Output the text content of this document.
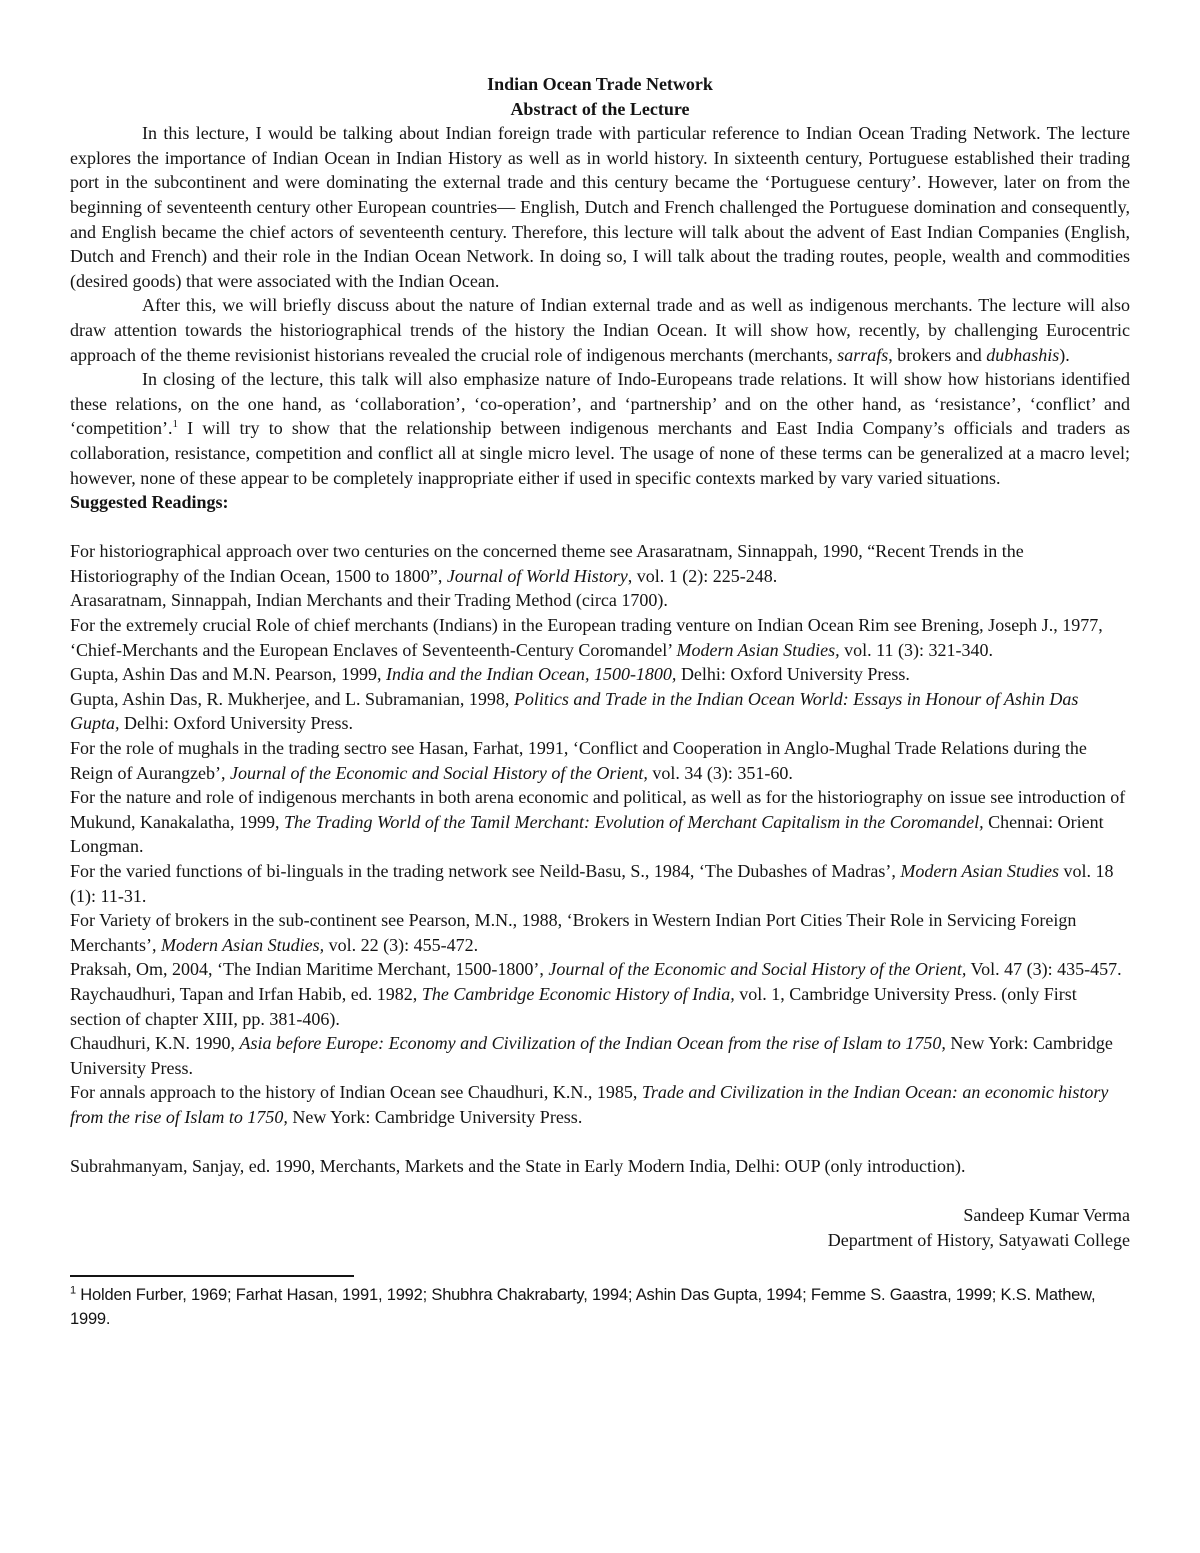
Indian Ocean Trade Network
Abstract of the Lecture

In this lecture, I would be talking about Indian foreign trade with particular reference to Indian Ocean Trading Network. The lecture explores the importance of Indian Ocean in Indian History as well as in world history. In sixteenth century, Portuguese established their trading port in the subcontinent and were dominating the external trade and this century became the ‘Portuguese century’. However, later on from the beginning of seventeenth century other European countries— English, Dutch and French challenged the Portuguese domination and consequently, and English became the chief actors of seventeenth century. Therefore, this lecture will talk about the advent of East Indian Companies (English, Dutch and French) and their role in the Indian Ocean Network. In doing so, I will talk about the trading routes, people, wealth and commodities (desired goods) that were associated with the Indian Ocean.

After this, we will briefly discuss about the nature of Indian external trade and as well as indigenous merchants. The lecture will also draw attention towards the historiographical trends of the history the Indian Ocean. It will show how, recently, by challenging Eurocentric approach of the theme revisionist historians revealed the crucial role of indigenous merchants (merchants, sarrafs, brokers and dubhashis).

In closing of the lecture, this talk will also emphasize nature of Indo-Europeans trade relations. It will show how historians identified these relations, on the one hand, as ‘collaboration’, ‘co-operation’, and ‘partnership’ and on the other hand, as ‘resistance’, ‘conflict’ and ‘competition’.$^1$ I will try to show that the relationship between indigenous merchants and East India Company’s officials and traders as collaboration, resistance, competition and conflict all at single micro level. The usage of none of these terms can be generalized at a macro level; however, none of these appear to be completely inappropriate either if used in specific contexts marked by vary varied situations.

Suggested Readings:

For historiographical approach over two centuries on the concerned theme see Arasaratnam, Sinnappah, 1990, “Recent Trends in the Historiography of the Indian Ocean, 1500 to 1800”, Journal of World History, vol. 1 (2): 225-248.

Arasaratnam, Sinnappah, Indian Merchants and their Trading Method (circa 1700).

For the extremely crucial Role of chief merchants (Indians) in the European trading venture on Indian Ocean Rim see Brening, Joseph J., 1977, ‘Chief-Merchants and the European Enclaves of Seventeenth-Century Coromandel’ Modern Asian Studies, vol. 11 (3): 321-340.

Gupta, Ashin Das and M.N. Pearson, 1999, India and the Indian Ocean, 1500-1800, Delhi: Oxford University Press.

Gupta, Ashin Das, R. Mukherjee, and L. Subramanian, 1998, Politics and Trade in the Indian Ocean World: Essays in Honour of Ashin Das Gupta, Delhi: Oxford University Press.

For the role of mughals in the trading sectro see Hasan, Farhat, 1991, ‘Conflict and Cooperation in Anglo-Mughal Trade Relations during the Reign of Aurangzeb’, Journal of the Economic and Social History of the Orient, vol. 34 (3): 351-60.

For the nature and role of indigenous merchants in both arena economic and political, as well as for the historiography on issue see introduction of Mukund, Kanakalatha, 1999, The Trading World of the Tamil Merchant: Evolution of Merchant Capitalism in the Coromandel, Chennai: Orient Longman.

For the varied functions of bi-linguals in the trading network see Neild-Basu, S., 1984, ‘The Dubashes of Madras’, Modern Asian Studies vol. 18 (1): 11-31.

For Variety of brokers in the sub-continent see Pearson, M.N., 1988, ‘Brokers in Western Indian Port Cities Their Role in Servicing Foreign Merchants’, Modern Asian Studies, vol. 22 (3): 455-472.

Praksah, Om, 2004, ‘The Indian Maritime Merchant, 1500-1800’, Journal of the Economic and Social History of the Orient, Vol. 47 (3): 435-457.

Raychaudhuri, Tapan and Irfan Habib, ed. 1982, The Cambridge Economic History of India, vol. 1, Cambridge University Press. (only First section of chapter XIII, pp. 381-406).

Chaudhuri, K.N. 1990, Asia before Europe: Economy and Civilization of the Indian Ocean from the rise of Islam to 1750, New York: Cambridge University Press.

For annals approach to the history of Indian Ocean see Chaudhuri, K.N., 1985, Trade and Civilization in the Indian Ocean: an economic history from the rise of Islam to 1750, New York: Cambridge University Press.

Subrahmanyam, Sanjay, ed. 1990, Merchants, Markets and the State in Early Modern India, Delhi: OUP (only introduction).

Sandeep Kumar Verma
Department of History, Satyawati College
$^1$ Holden Furber, 1969; Farhat Hasan, 1991, 1992; Shubhra Chakrabarty, 1994; Ashin Das Gupta, 1994; Femme S. Gaastra, 1999; K.S. Mathew, 1999.
